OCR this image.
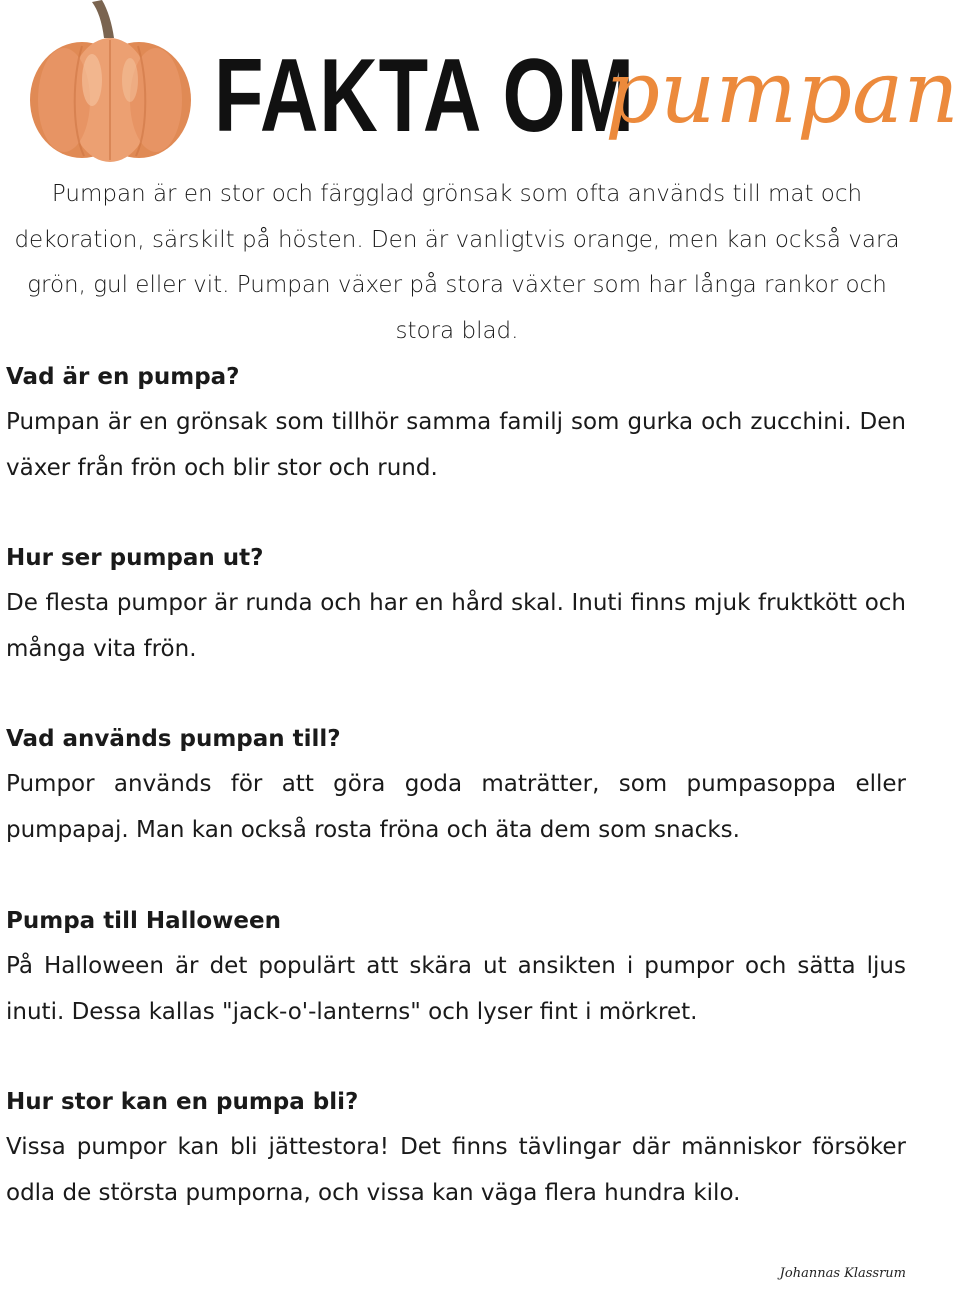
FAKTA OM
pumpan

Pumpan är en stor och färgglad grönsak som ofta används till mat och dekoration, särskilt på hösten. Den är vanligtvis orange, men kan också vara grön, gul eller vit. Pumpan växer på stora växter som har långa rankor och stora blad.

Vad är en pumpa?

Pumpan är en grönsak som tillhör samma familj som gurka och zucchini. Den växer från frön och blir stor och rund.

Hur ser pumpan ut?

De flesta pumpor är runda och har en hård skal. Inuti finns mjuk fruktkött och många vita frön.

Vad används pumpan till?

Pumpor används för att göra goda maträtter, som pumpasoppa eller pumpapaj. Man kan också rosta fröna och äta dem som snacks.

Pumpa till Halloween

På Halloween är det populärt att skära ut ansikten i pumpor och sätta ljus inuti. Dessa kallas "jack-o'-lanterns" och lyser fint i mörkret.

Hur stor kan en pumpa bli?

Vissa pumpor kan bli jättestora! Det finns tävlingar där människor försöker odla de största pumporna, och vissa kan väga flera hundra kilo.

Johannas Klassrum
